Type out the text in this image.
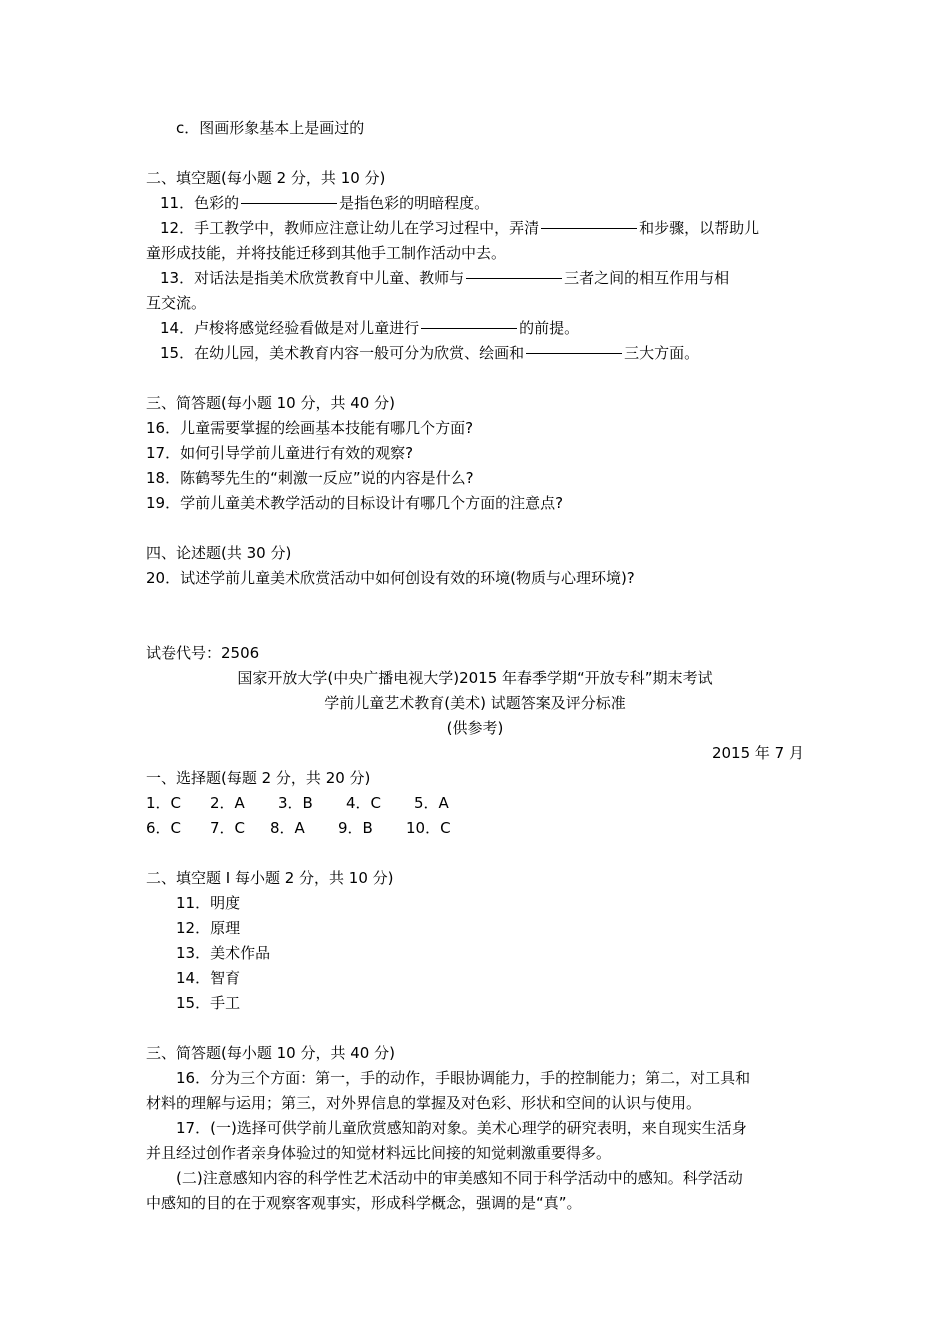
c．图画形象基本上是画过的
二、填空题(每小题 2 分，共 10 分)
11．色彩的	是指色彩的明暗程度。
12．手工教学中，教师应注意让幼儿在学习过程中，弄清	和步骤，以帮助儿
童形成技能，并将技能迁移到其他手工制作活动中去。
13．对话法是指美术欣赏教育中儿童、教师与	三者之间的相互作用与相
互交流。
14．卢梭将感觉经验看做是对儿童进行	的前提。
15．在幼儿园，美术教育内容一般可分为欣赏、绘画和	三大方面。
三、简答题(每小题 10 分，共 40 分)
16．儿童需要掌握的绘画基本技能有哪几个方面?
17．如何引导学前儿童进行有效的观察?
18．陈鹤琴先生的“刺激一反应”说的内容是什么?
19．学前儿童美术教学活动的目标设计有哪几个方面的注意点?
四、论述题(共 30 分)
20．试述学前儿童美术欣赏活动中如何创设有效的环境(物质与心理环境)?
试卷代号：2506
国家开放大学(中央广播电视大学)2015 年春季学期“开放专科”期末考试
学前儿童艺术教育(美术) 试题答案及评分标准
(供参考)
2015 年 7 月
一、选择题(每题 2 分，共 20 分)
1．C 2．A 3．B 4．C 5．A
6．C 7．C 8．A 9．B 10．C
二、填空题 I 每小题 2 分，共 10 分)
11．明度
12．原理
13．美术作品
14．智育
15．手工
三、简答题(每小题 10 分，共 40 分)
16．分为三个方面：第一，手的动作，手眼协调能力，手的控制能力；第二，对工具和
材料的理解与运用；第三，对外界信息的掌握及对色彩、形状和空间的认识与使用。
17．(一)选择可供学前儿童欣赏感知韵对象。美术心理学的研究表明，来自现实生活身
并且经过创作者亲身体验过的知觉材料远比间接的知觉刺激重要得多。
(二)注意感知内容的科学性艺术活动中的审美感知不同于科学活动中的感知。科学活动
中感知的目的在于观察客观事实，形成科学概念，强调的是“真”。
